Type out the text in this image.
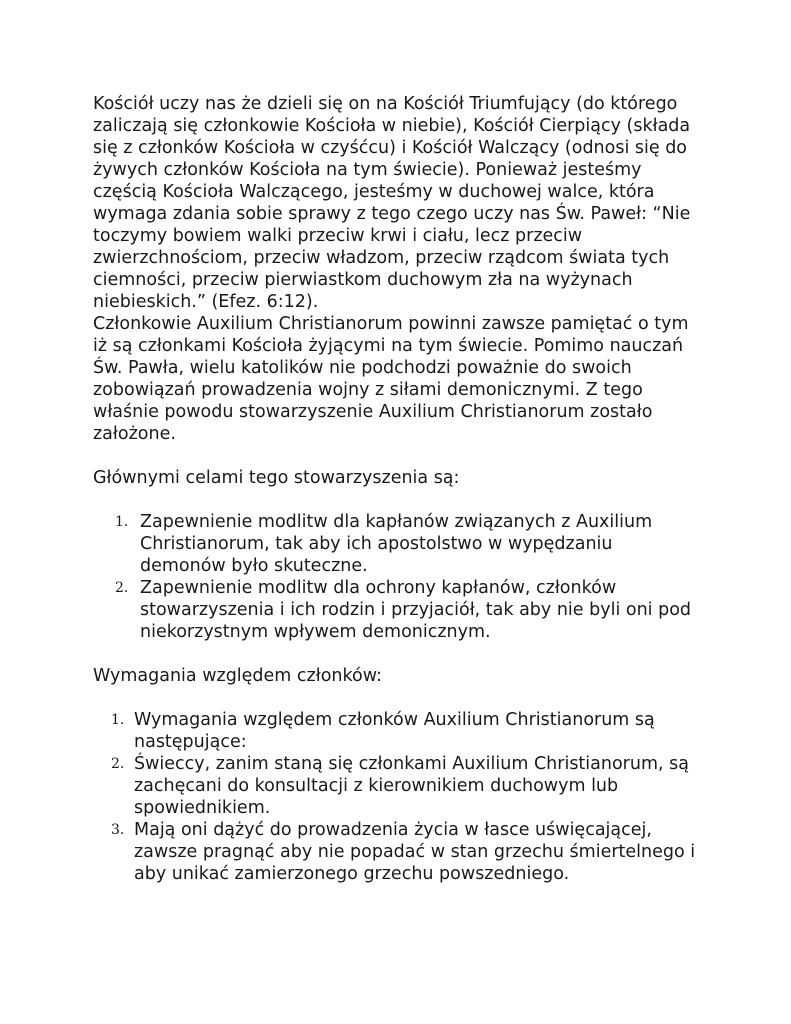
Kościół uczy nas że dzieli się on na Kościół Triumfujący (do którego zaliczają się członkowie Kościoła w niebie), Kościół Cierpiący (składa się z członków Kościoła w czyśćcu) i Kościół Walczący (odnosi się do żywych członków Kościoła na tym świecie). Ponieważ jesteśmy częścią Kościoła Walczącego, jesteśmy w duchowej walce, która wymaga zdania sobie sprawy z tego czego uczy nas Św. Paweł: “Nie toczymy bowiem walki przeciw krwi i ciału, lecz przeciw zwierzchnościom, przeciw władzom, przeciw rządcom świata tych ciemności, przeciw pierwiastkom duchowym zła na wyżynach niebieskich.” (Efez. 6:12).

Członkowie Auxilium Christianorum powinni zawsze pamiętać o tym iż są członkami Kościoła żyjącymi na tym świecie. Pomimo nauczań Św. Pawła, wielu katolików nie podchodzi poważnie do swoich zobowiązań prowadzenia wojny z siłami demonicznymi. Z tego właśnie powodu stowarzyszenie Auxilium Christianorum zostało założone.

Głównymi celami tego stowarzyszenia są:

1. Zapewnienie modlitw dla kapłanów związanych z Auxilium Christianorum, tak aby ich apostolstwo w wypędzaniu demonów było skuteczne.
2. Zapewnienie modlitw dla ochrony kapłanów, członków stowarzyszenia i ich rodzin i przyjaciół, tak aby nie byli oni pod niekorzystnym wpływem demonicznym.

Wymagania względem członków:

1. Wymagania względem członków Auxilium Christianorum są następujące:
2. Świeccy, zanim staną się członkami Auxilium Christianorum, są zachęcani do konsultacji z kierownikiem duchowym lub spowiednikiem.
3. Mają oni dążyć do prowadzenia życia w łasce uświęcającej, zawsze pragnąć aby nie popadać w stan grzechu śmiertelnego i aby unikać zamierzonego grzechu powszedniego.
